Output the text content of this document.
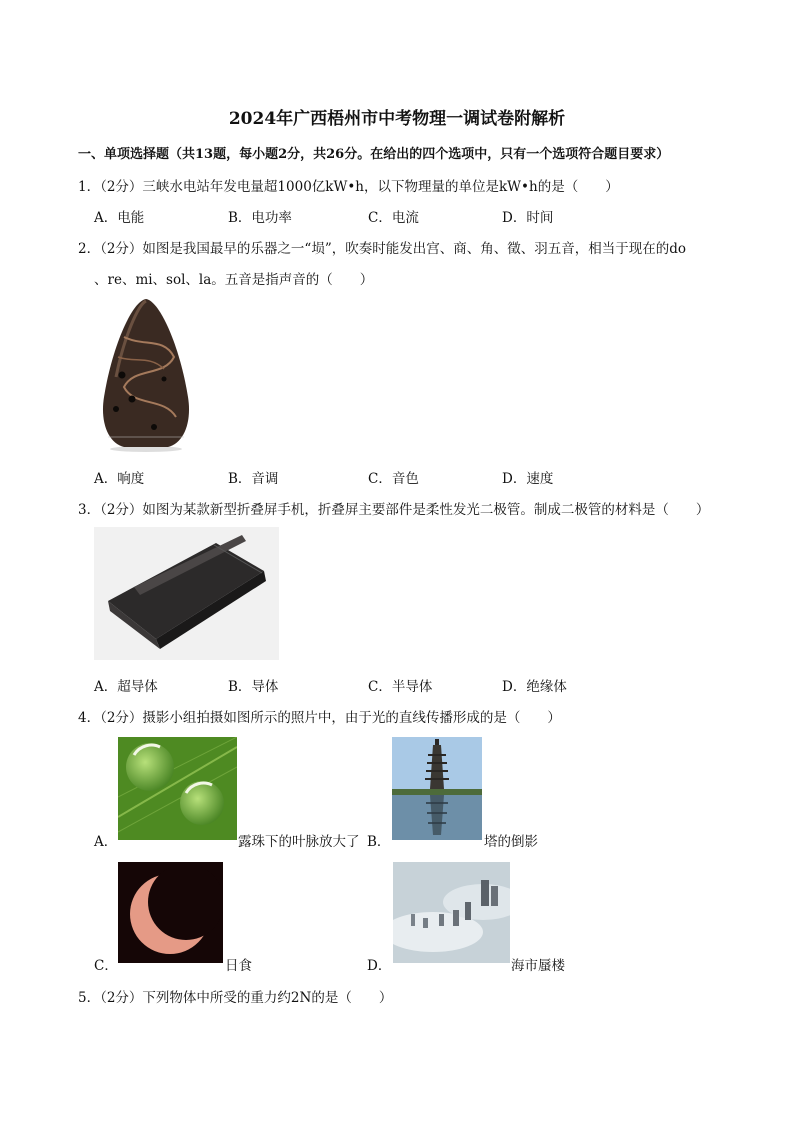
2024年广西梧州市中考物理一调试卷附解析
一、单项选择题（共13题，每小题2分，共26分。在给出的四个选项中，只有一个选项符合题目要求）
1．（2分）三峡水电站年发电量超1000亿kW•h，以下物理量的单位是kW•h的是（　　）
A．电能	B．电功率	C．电流	D．时间
2．（2分）如图是我国最早的乐器之一“埙”，吹奏时能发出宫、商、角、徵、羽五音，相当于现在的do
、re、mi、sol、la。五音是指声音的（　　）
A．响度	B．音调	C．音色	D．速度
3．（2分）如图为某款新型折叠屏手机，折叠屏主要部件是柔性发光二极管。制成二极管的材料是（　　）
A．超导体	B．导体	C．半导体	D．绝缘体
4．（2分）摄影小组拍摄如图所示的照片中，由于光的直线传播形成的是（　　）
A．	露珠下的叶脉放大了 B．	塔的倒影
C．	日食	D．	海市蜃楼
5．（2分）下列物体中所受的重力约2N的是（　　）
